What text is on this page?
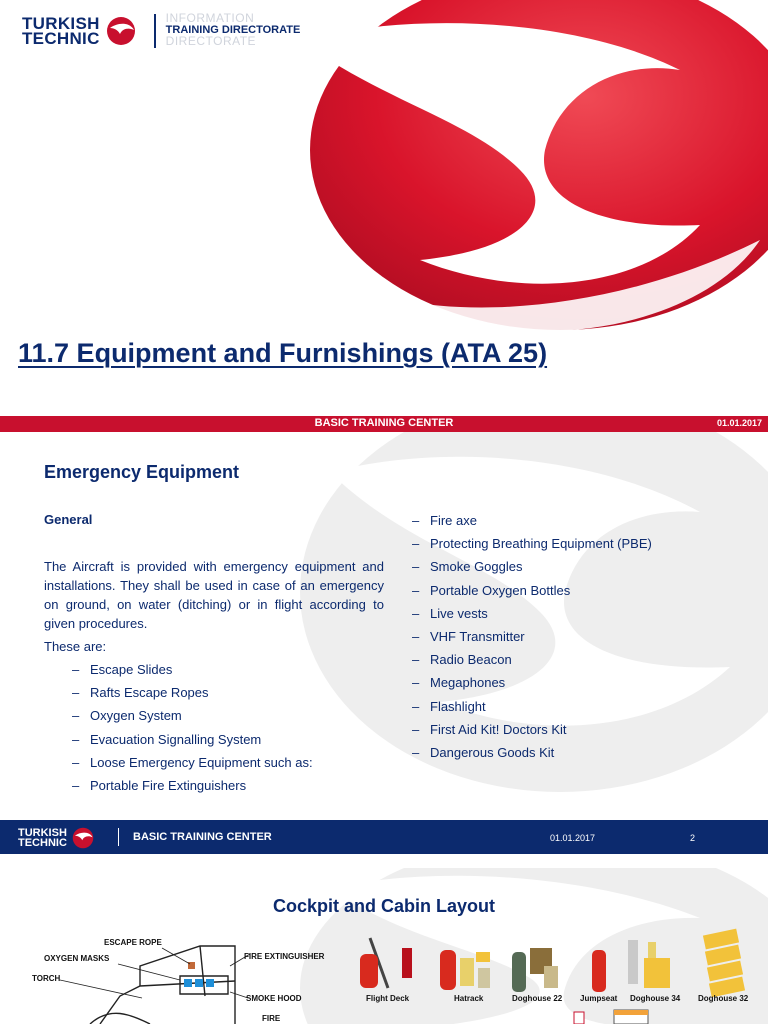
TURKISH
TECHNIC
INFORMATION
TRAINING DIRECTORATE
DIRECTORATE
11.7 Equipment and Furnishings (ATA 25)
BASIC TRAINING CENTER	01.01.2017
Emergency Equipment
General
The Aircraft is provided with emergency equipment and installations. They shall be used in case of an emergency on ground, on water (ditching) or in flight according to given procedures.
These are:
– Escape Slides
– Rafts Escape Ropes
– Oxygen System
– Evacuation Signalling System
– Loose Emergency Equipment such as:
– Portable Fire Extinguishers
– Fire axe
– Protecting Breathing Equipment (PBE)
– Smoke Goggles
– Portable Oxygen Bottles
– Live vests
– VHF Transmitter
– Radio Beacon
– Megaphones
– Flashlight
– First Aid Kit! Doctors Kit
– Dangerous Goods Kit
TURKISH
TECHNIC	BASIC TRAINING CENTER	01.01.2017	2
Cockpit and Cabin Layout
ESCAPE ROPE
OXYGEN MASKS	FIRE EXTINGUISHER
TORCH
SMOKE HOOD
FIRE
Flight Deck	Hatrack	Doghouse 22 Jumpseat Doghouse 34 Doghouse 32
